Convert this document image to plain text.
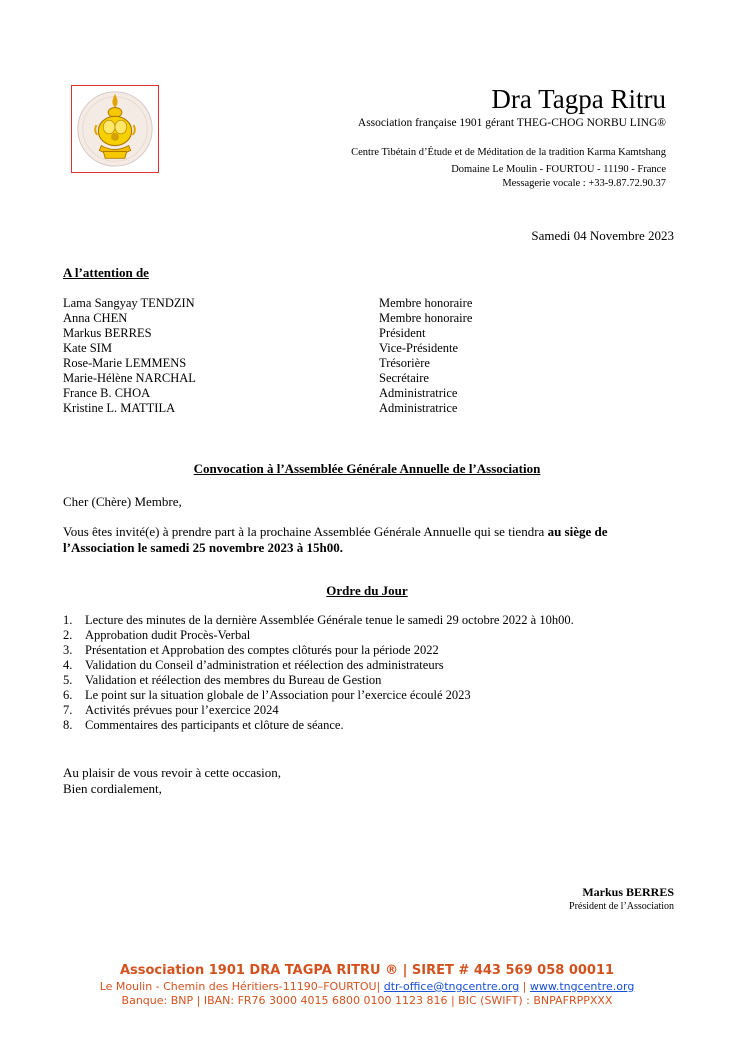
Dra Tagpa Ritru
Association française 1901 gérant THEG-CHOG NORBU LING®
Centre Tibétain d’Étude et de Méditation de la tradition Karma Kamtshang
Domaine Le Moulin - FOURTOU - 11190 - France
Messagerie vocale : +33-9.87.72.90.37
Samedi 04 Novembre 2023
A l’attention de
Lama Sangyay TENDZIN	Membre honoraire
Anna CHEN	Membre honoraire
Markus BERRES	Président
Kate SIM	Vice-Présidente
Rose-Marie LEMMENS	Trésorière
Marie-Hélène NARCHAL	Secrétaire
France B. CHOA	Administratrice
Kristine L. MATTILA	Administratrice
Convocation à l’Assemblée Générale Annuelle de l’Association
Cher (Chère) Membre,
Vous êtes invité(e) à prendre part à la prochaine Assemblée Générale Annuelle qui se tiendra au siège de l’Association le samedi 25 novembre 2023 à 15h00.
Ordre du Jour
1. Lecture des minutes de la dernière Assemblée Générale tenue le samedi 29 octobre 2022 à 10h00.
2. Approbation dudit Procès-Verbal
3. Présentation et Approbation des comptes clôturés pour la période 2022
4. Validation du Conseil d’administration et réélection des administrateurs
5. Validation et réélection des membres du Bureau de Gestion
6. Le point sur la situation globale de l’Association pour l’exercice écoulé 2023
7. Activités prévues pour l’exercice 2024
8. Commentaires des participants et clôture de séance.
Au plaisir de vous revoir à cette occasion,
Bien cordialement,
Markus BERRES
Président de l’Association
Association 1901 DRA TAGPA RITRU ® | SIRET # 443 569 058 00011
Le Moulin - Chemin des Héritiers-11190–FOURTOU| dtr-office@tngcentre.org | www.tngcentre.org
Banque: BNP | IBAN: FR76 3000 4015 6800 0100 1123 816 | BIC (SWIFT) : BNPAFRPPXXX
